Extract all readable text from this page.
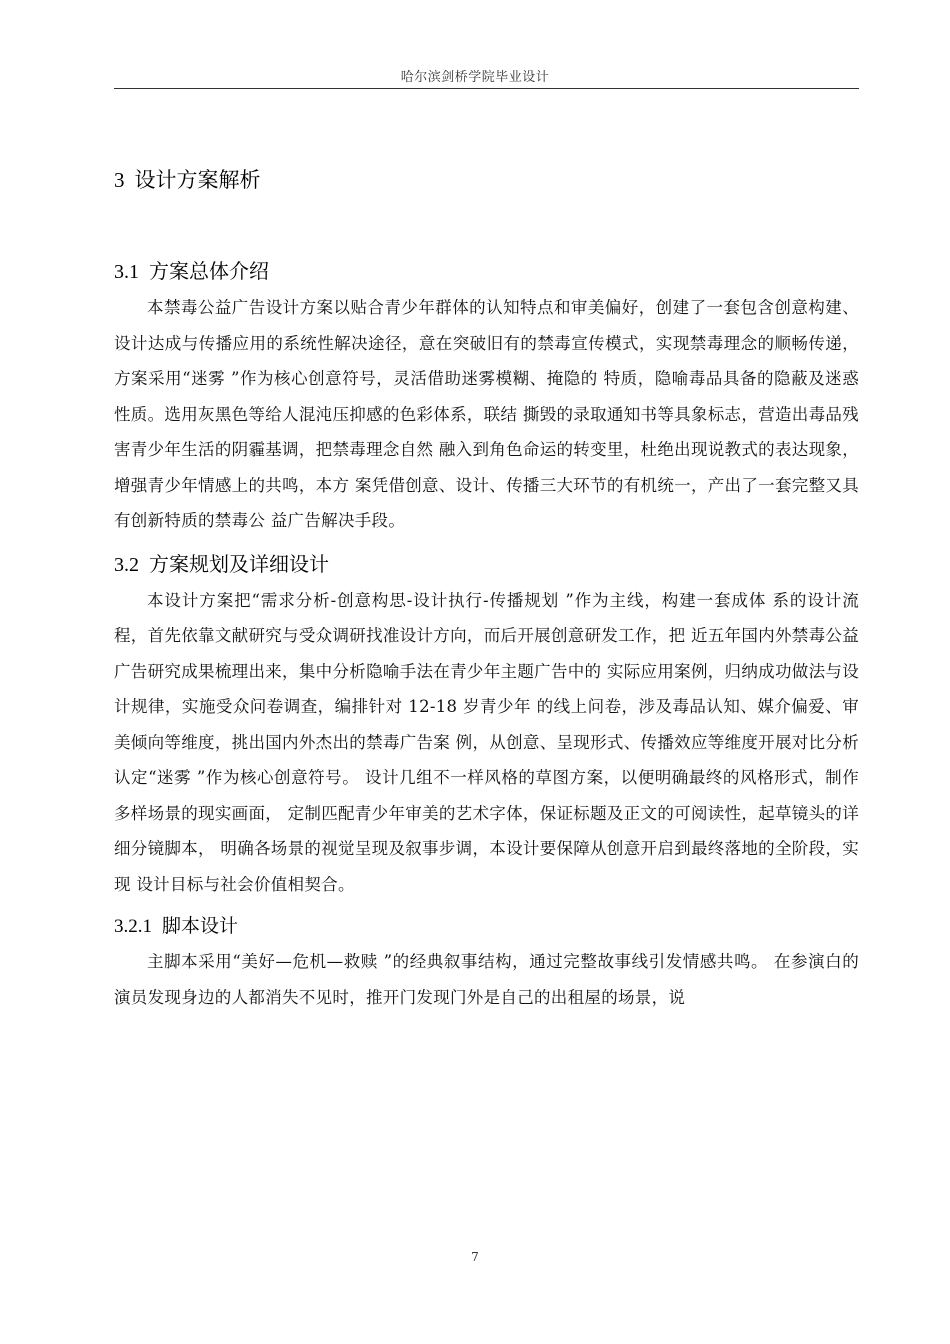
哈尔滨剑桥学院毕业设计
3 设计方案解析
3.1 方案总体介绍

本禁毒公益广告设计方案以贴合青少年群体的认知特点和审美偏好，创建了一套包含创意构建、设计达成与传播应用的系统性解决途径，意在突破旧有的禁毒宣传模式，实现禁毒理念的顺畅传递，方案采用“迷雾 ”作为核心创意符号，灵活借助迷雾模糊、掩隐的 特质，隐喻毒品具备的隐蔽及迷惑性质。选用灰黑色等给人混沌压抑感的色彩体系，联结 撕毁的录取通知书等具象标志，营造出毒品残害青少年生活的阴霾基调，把禁毒理念自然 融入到角色命运的转变里，杜绝出现说教式的表达现象，增强青少年情感上的共鸣，本方 案凭借创意、设计、传播三大环节的有机统一，产出了一套完整又具有创新特质的禁毒公 益广告解决手段。

3.2 方案规划及详细设计

本设计方案把“需求分析-创意构思-设计执行-传播规划 ”作为主线，构建一套成体 系的设计流程，首先依靠文献研究与受众调研找准设计方向，而后开展创意研发工作，把 近五年国内外禁毒公益广告研究成果梳理出来，集中分析隐喻手法在青少年主题广告中的 实际应用案例，归纳成功做法与设计规律，实施受众问卷调查，编排针对 12-18 岁青少年 的线上问卷，涉及毒品认知、媒介偏爱、审美倾向等维度，挑出国内外杰出的禁毒广告案 例，从创意、呈现形式、传播效应等维度开展对比分析认定“迷雾 ”作为核心创意符号。 设计几组不一样风格的草图方案，以便明确最终的风格形式，制作多样场景的现实画面， 定制匹配青少年审美的艺术字体，保证标题及正文的可阅读性，起草镜头的详细分镜脚本， 明确各场景的视觉呈现及叙事步调，本设计要保障从创意开启到最终落地的全阶段，实现 设计目标与社会价值相契合。

3.2.1 脚本设计

主脚本采用“美好—危机—救赎 ”的经典叙事结构，通过完整故事线引发情感共鸣。 在参演白的演员发现身边的人都消失不见时，推开门发现门外是自己的出租屋的场景，说

7
